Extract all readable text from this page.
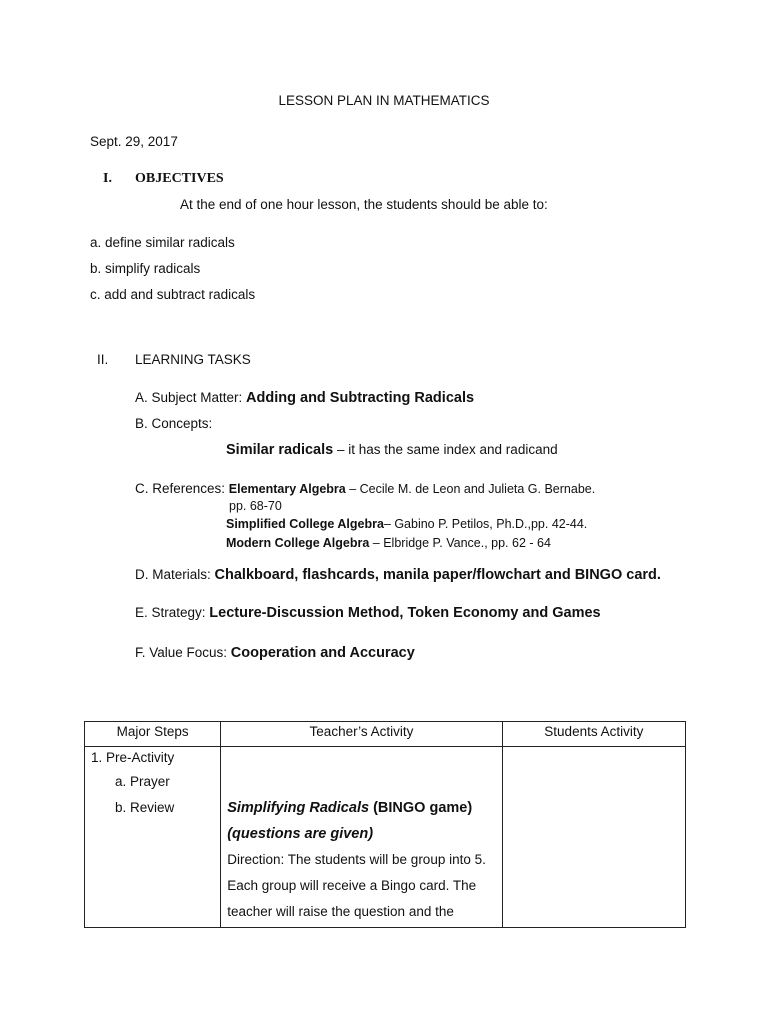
LESSON PLAN IN MATHEMATICS
Sept. 29, 2017
I. OBJECTIVES
At the end of one hour lesson, the students should be able to:
a. define similar radicals
b. simplify radicals
c. add and subtract radicals
II. LEARNING TASKS
A. Subject Matter: Adding and Subtracting Radicals
B. Concepts:
Similar radicals – it has the same index and radicand
C. References: Elementary Algebra – Cecile M. de Leon and Julieta G. Bernabe.
pp. 68-70
Simplified College Algebra– Gabino P. Petilos, Ph.D.,pp. 42-44.
Modern College Algebra – Elbridge P. Vance., pp. 62 - 64
D. Materials: Chalkboard, flashcards, manila paper/flowchart and BINGO card.
E. Strategy: Lecture-Discussion Method, Token Economy and Games
F. Value Focus: Cooperation and Accuracy
Major Steps	Teacher’s Activity	Students Activity

1. Pre-Activity
a. Prayer
b. Review	Simplifying Radicals (BINGO game)
(questions are given)
Direction: The students will be group into 5.
Each group will receive a Bingo card. The
teacher will raise the question and the	
